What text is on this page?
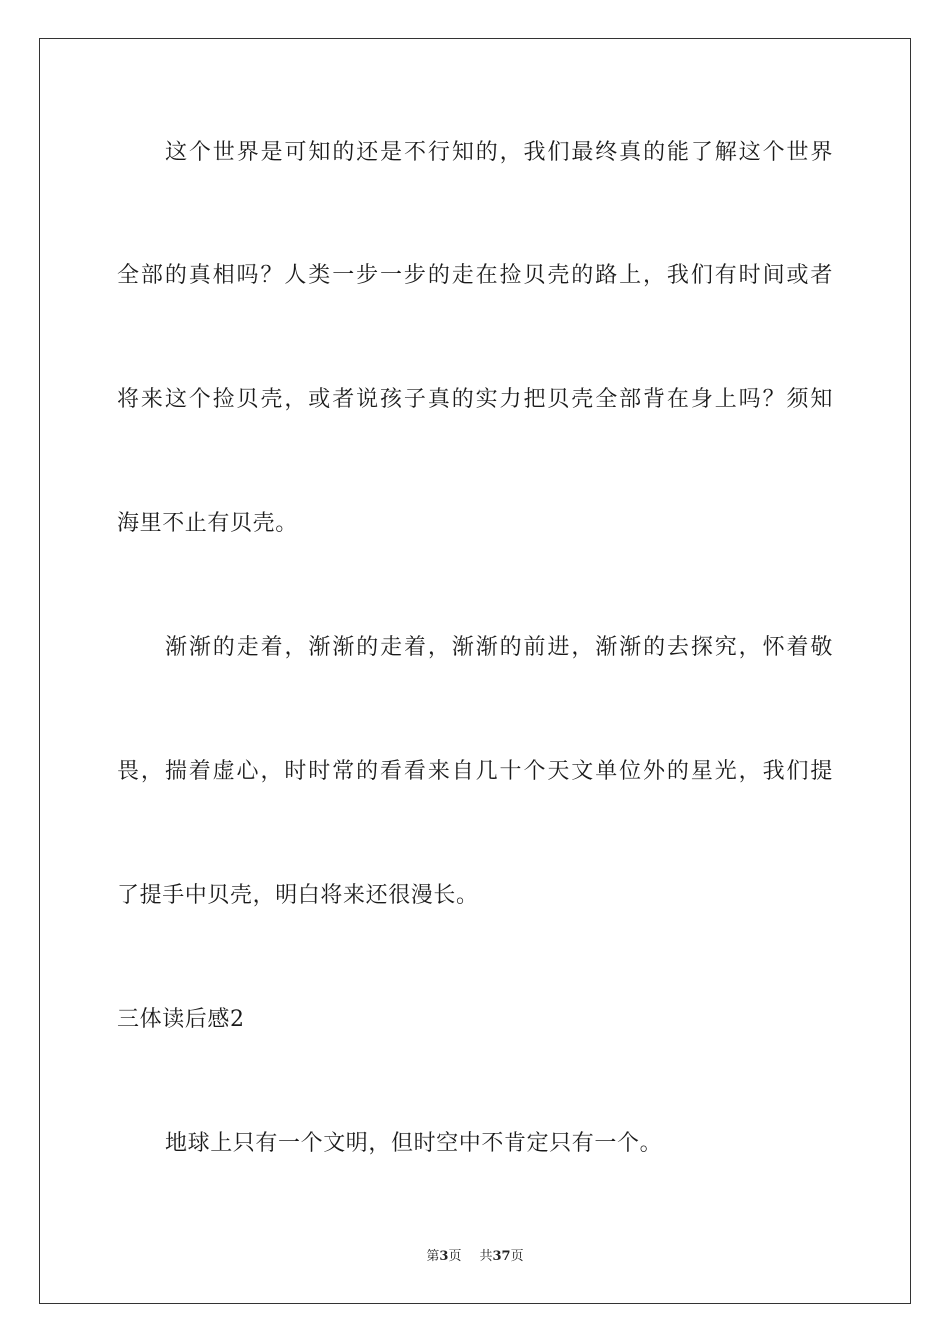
这个世界是可知的还是不行知的，我们最终真的能了解这个世界
全部的真相吗？人类一步一步的走在捡贝壳的路上，我们有时间或者
将来这个捡贝壳，或者说孩子真的实力把贝壳全部背在身上吗？须知
海里不止有贝壳。
渐渐的走着，渐渐的走着，渐渐的前进，渐渐的去探究，怀着敬
畏，揣着虚心，时时常的看看来自几十个天文单位外的星光，我们提
了提手中贝壳，明白将来还很漫长。
三体读后感2
地球上只有一个文明，但时空中不肯定只有一个。
第3页 共37页
